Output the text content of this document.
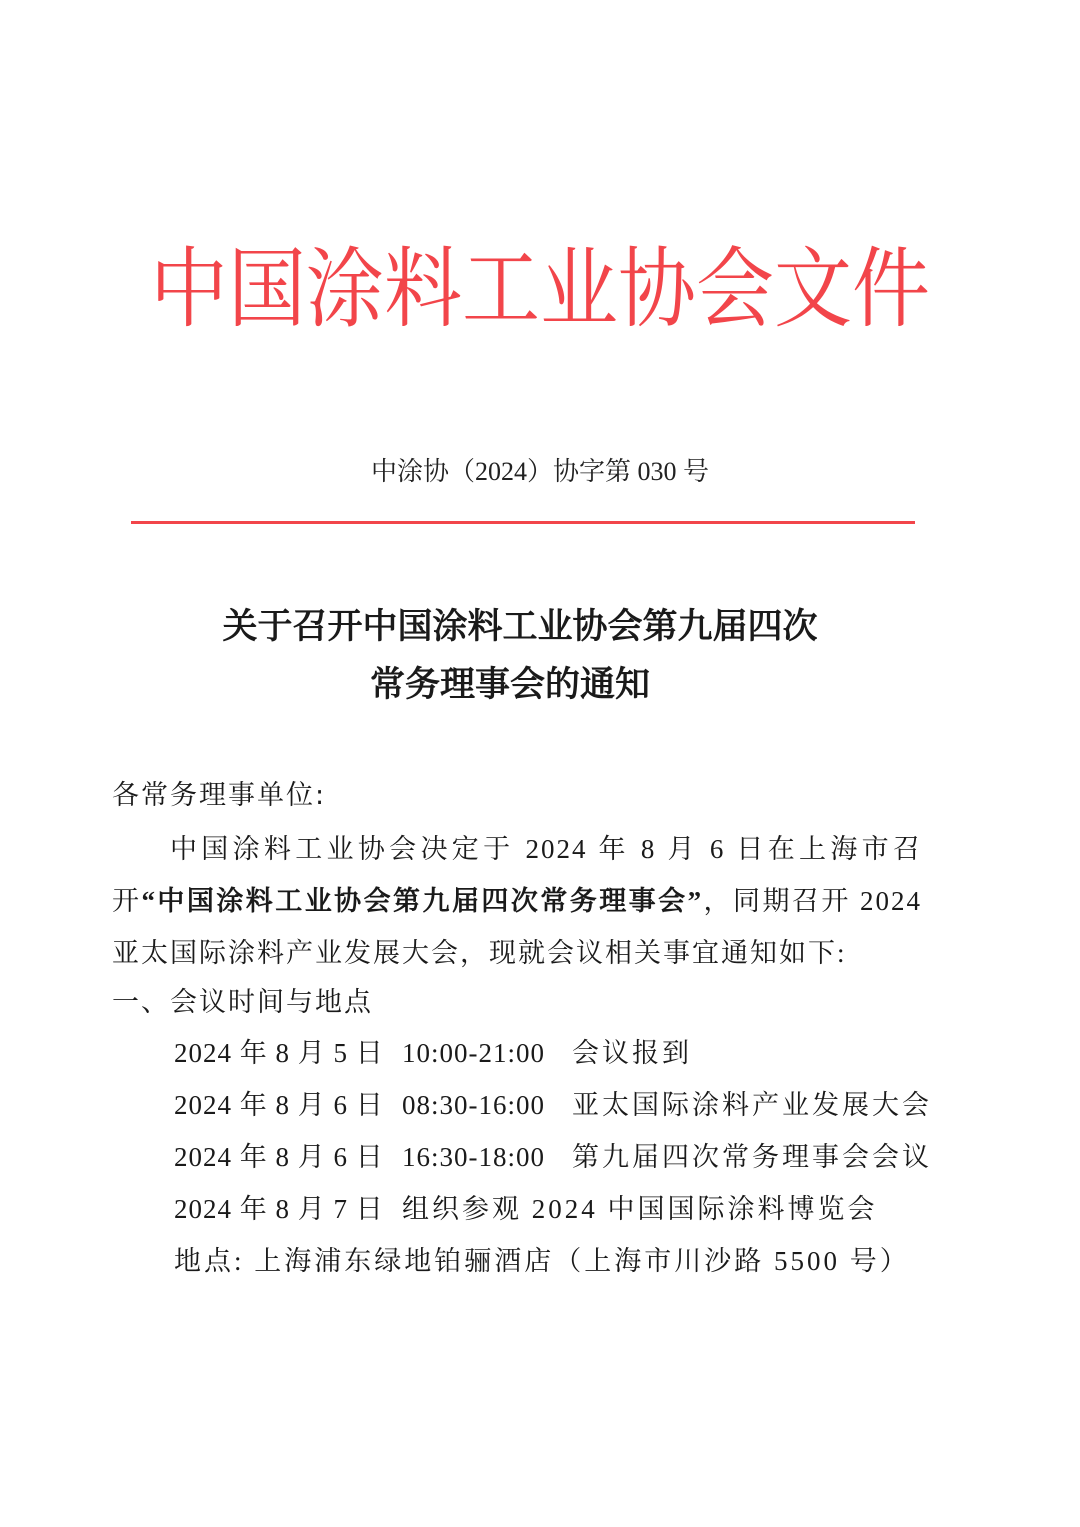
中国涂料工业协会文件
中涂协（2024）协字第 030 号
关于召开中国涂料工业协会第九届四次
常务理事会的通知
各常务理事单位:
中国涂料工业协会决定于 2024 年 8 月 6 日在上海市召开“中国涂料工业协会第九届四次常务理事会”，同期召开 2024 亚太国际涂料产业发展大会，现就会议相关事宜通知如下:
一、会议时间与地点
2024 年 8 月 5 日 10:00-21:00	会议报到
2024 年 8 月 6 日 08:30-16:00	亚太国际涂料产业发展大会
2024 年 8 月 6 日 16:30-18:00	第九届四次常务理事会会议
2024 年 8 月 7 日 组织参观 2024 中国国际涂料博览会
地点: 上海浦东绿地铂骊酒店（上海市川沙路 5500 号）
